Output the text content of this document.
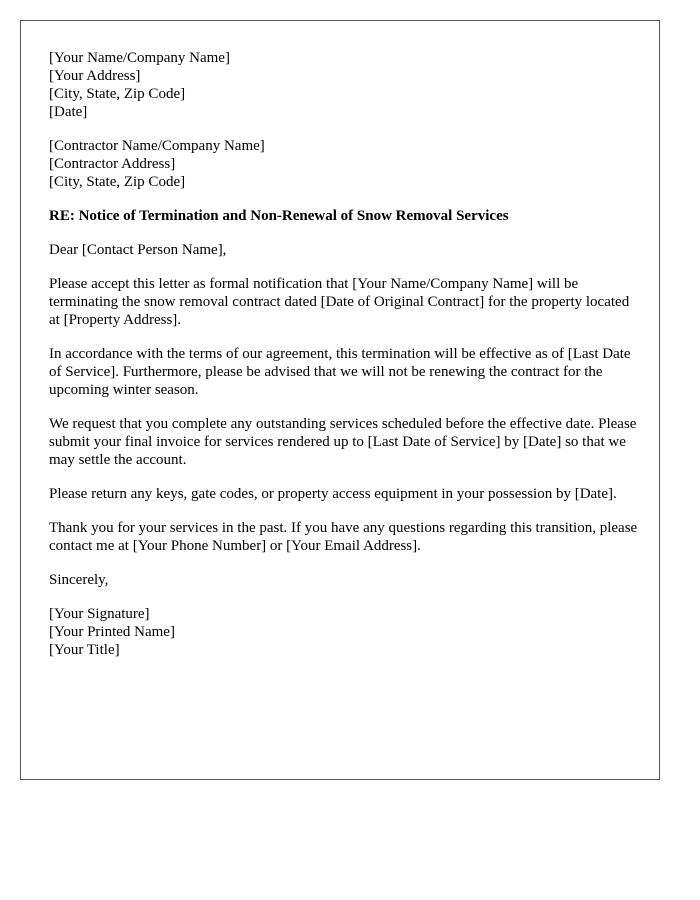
[Your Name/Company Name]
[Your Address]
[City, State, Zip Code]
[Date]
[Contractor Name/Company Name]
[Contractor Address]
[City, State, Zip Code]
RE: Notice of Termination and Non-Renewal of Snow Removal Services

Dear [Contact Person Name],

Please accept this letter as formal notification that [Your Name/Company Name] will be terminating the snow removal contract dated [Date of Original Contract] for the property located at [Property Address].

In accordance with the terms of our agreement, this termination will be effective as of [Last Date of Service]. Furthermore, please be advised that we will not be renewing the contract for the upcoming winter season.

We request that you complete any outstanding services scheduled before the effective date. Please submit your final invoice for services rendered up to [Last Date of Service] by [Date] so that we may settle the account.

Please return any keys, gate codes, or property access equipment in your possession by [Date].

Thank you for your services in the past. If you have any questions regarding this transition, please contact me at [Your Phone Number] or [Your Email Address].

Sincerely,

[Your Signature]
[Your Printed Name]
[Your Title]
